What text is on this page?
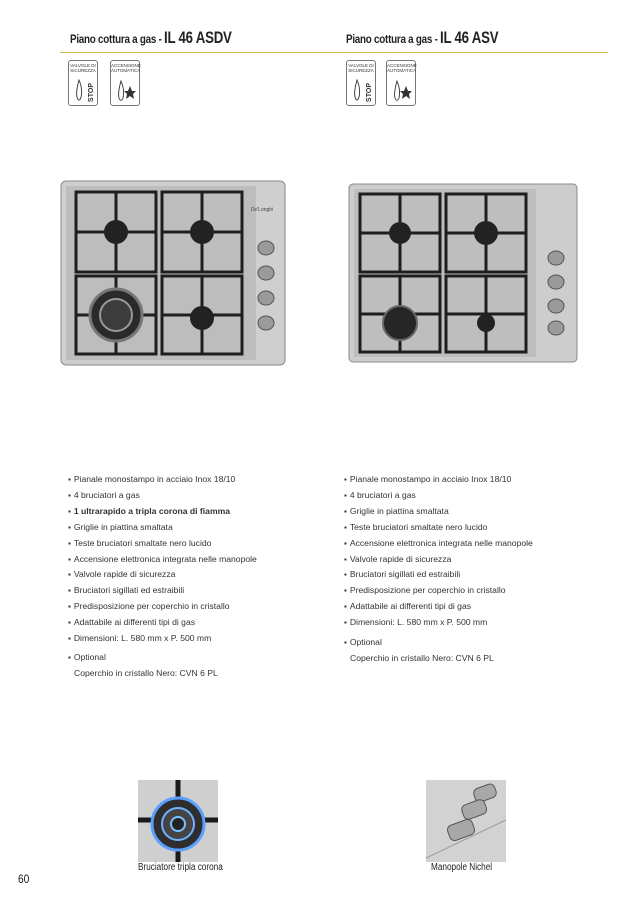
Piano cottura a gas -IL 46 ASDV
VALVOLE DI SICUREZZA
STOP
ACCENSIONE AUTOMATICA
De'Longhi
▪ Pianale monostampo in acciaio Inox 18/10
▪ 4 bruciatori a gas
▪ 1 ultrarapido a tripla corona di fiamma
▪ Griglie in piattina smaltata
▪ Teste bruciatori smaltate nero lucido
▪ Accensione elettronica integrata nelle manopole
▪ Valvole rapide di sicurezza
▪ Bruciatori sigillati ed estraibili
▪ Predisposizione per coperchio in cristallo
▪ Adattabile ai differenti tipi di gas
▪ Dimensioni: L. 580 mm x P. 500 mm
▪ Optional
Coperchio in cristallo Nero: CVN 6 PL
Bruciatore tripla corona
Piano cottura a gas -IL 46 ASV
VALVOLE DI SICUREZZA
STOP
ACCENSIONE AUTOMATICA
▪ Pianale monostampo in acciaio Inox 18/10
▪ 4 bruciatori a gas
▪ Griglie in piattina smaltata
▪ Teste bruciatori smaltate nero lucido
▪ Accensione elettronica integrata nelle manopole
▪ Valvole rapide di sicurezza
▪ Bruciatori sigillati ed estraibili
▪ Predisposizione per coperchio in cristallo
▪ Adattabile ai differenti tipi di gas
▪ Dimensioni: L. 580 mm x P. 500 mm
▪ Optional
Coperchio in cristallo Nero: CVN 6 PL
Manopole Nichel
60
